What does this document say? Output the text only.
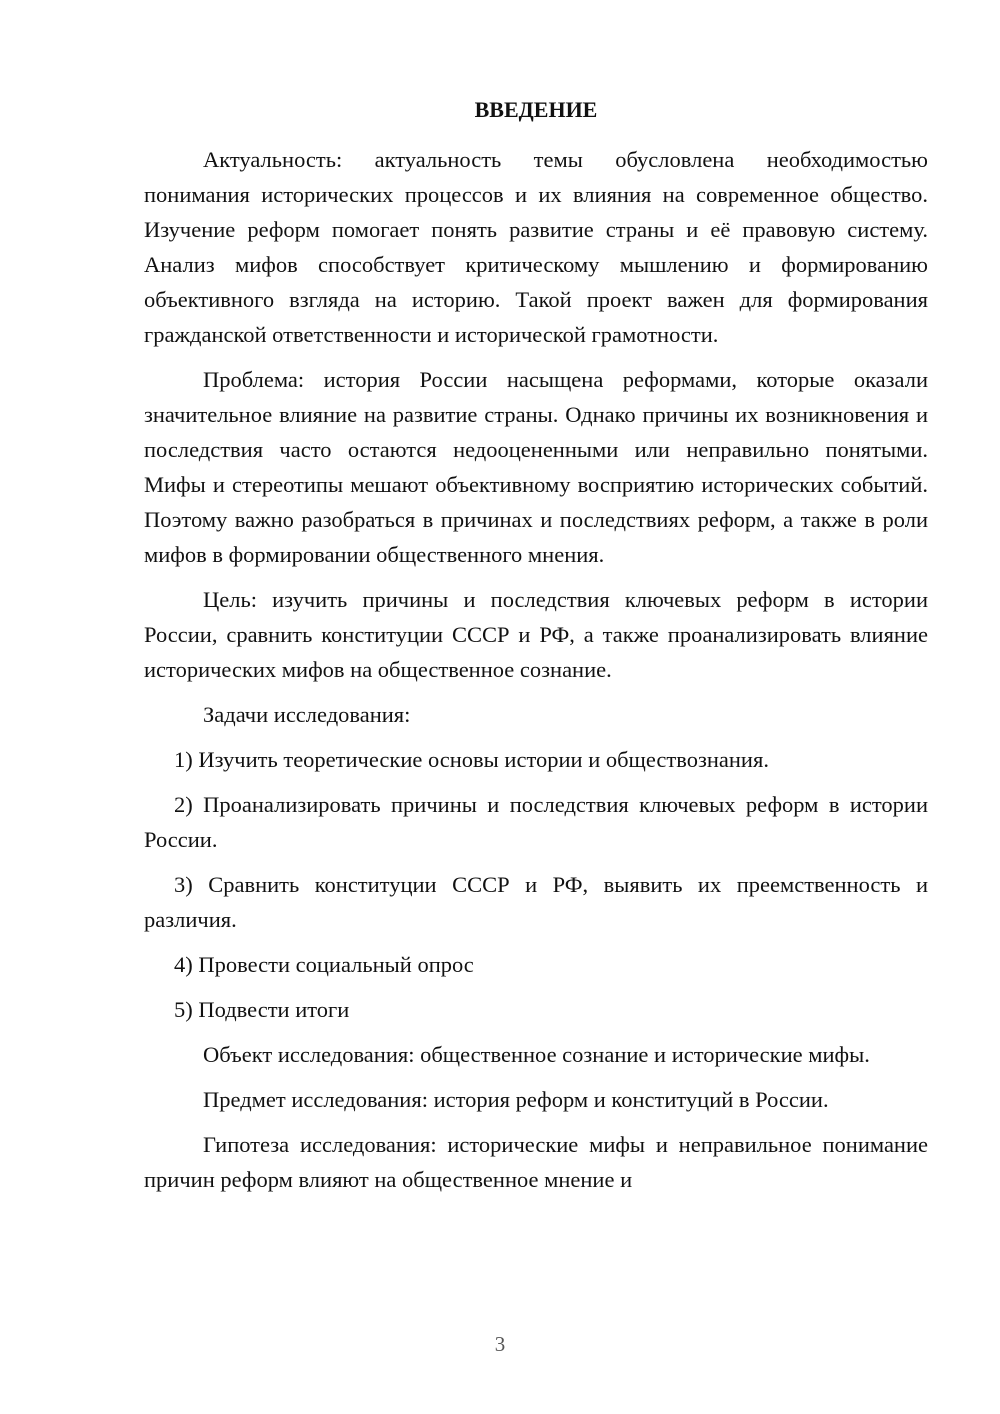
ВВЕДЕНИЕ

Актуальность: актуальность темы обусловлена необходимостью понимания исторических процессов и их влияния на современное общество. Изучение реформ помогает понять развитие страны и её правовую систему. Анализ мифов способствует критическому мышлению и формированию объективного взгляда на историю. Такой проект важен для формирования гражданской ответственности и исторической грамотности.

Проблема: история России насыщена реформами, которые оказали значительное влияние на развитие страны. Однако причины их возникновения и последствия часто остаются недооцененными или неправильно понятыми. Мифы и стереотипы мешают объективному восприятию исторических событий. Поэтому важно разобраться в причинах и последствиях реформ, а также в роли мифов в формировании общественного мнения.

Цель: изучить причины и последствия ключевых реформ в истории России, сравнить конституции СССР и РФ, а также проанализировать влияние исторических мифов на общественное сознание.

Задачи исследования:

1) Изучить теоретические основы истории и обществознания.

2) Проанализировать причины и последствия ключевых реформ в истории России.

3) Сравнить конституции СССР и РФ, выявить их преемственность и различия.

4) Провести социальный опрос

5) Подвести итоги

Объект исследования: общественное сознание и исторические мифы.

Предмет исследования: история реформ и конституций в России.

Гипотеза исследования: исторические мифы и неправильное понимание причин реформ влияют на общественное мнение и

3
